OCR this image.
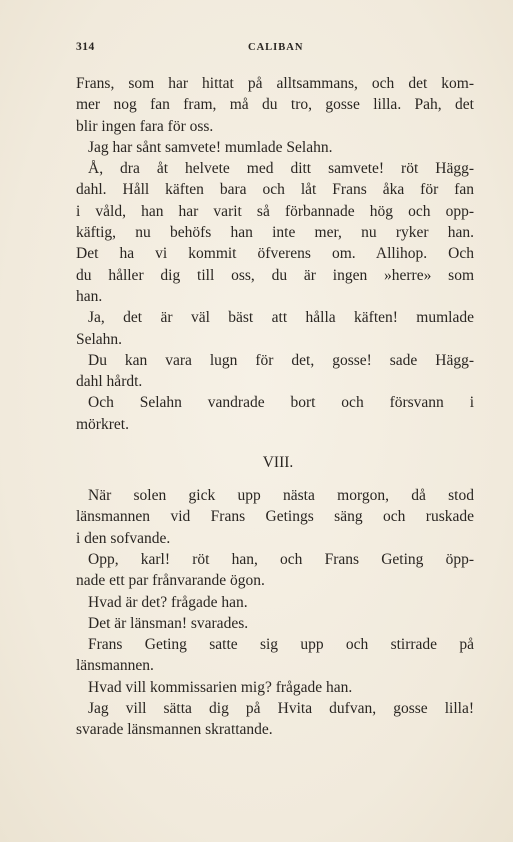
314	CALIBAN
Frans, som har hittat på alltsammans, och det kom-
mer nog fan fram, må du tro, gosse lilla. Pah, det
blir ingen fara för oss.
Jag har sånt samvete! mumlade Selahn.
Å, dra åt helvete med ditt samvete! röt Hägg-
dahl. Håll käften bara och låt Frans åka för fan
i våld, han har varit så förbannade hög och opp-
käftig, nu behöfs han inte mer, nu ryker han.
Det ha vi kommit öfverens om. Allihop. Och
du håller dig till oss, du är ingen »herre» som
han.
Ja, det är väl bäst att hålla käften! mumlade
Selahn.
Du kan vara lugn för det, gosse! sade Hägg-
dahl hårdt.
Och Selahn vandrade bort och försvann i
mörkret.
VIII.
När solen gick upp nästa morgon, då stod
länsmannen vid Frans Getings säng och ruskade
i den sofvande.
Opp, karl! röt han, och Frans Geting öpp-
nade ett par frånvarande ögon.
Hvad är det? frågade han.
Det är länsman! svarades.
Frans Geting satte sig upp och stirrade på
länsmannen.
Hvad vill kommissarien mig? frågade han.
Jag vill sätta dig på Hvita dufvan, gosse lilla!
svarade länsmannen skrattande.
